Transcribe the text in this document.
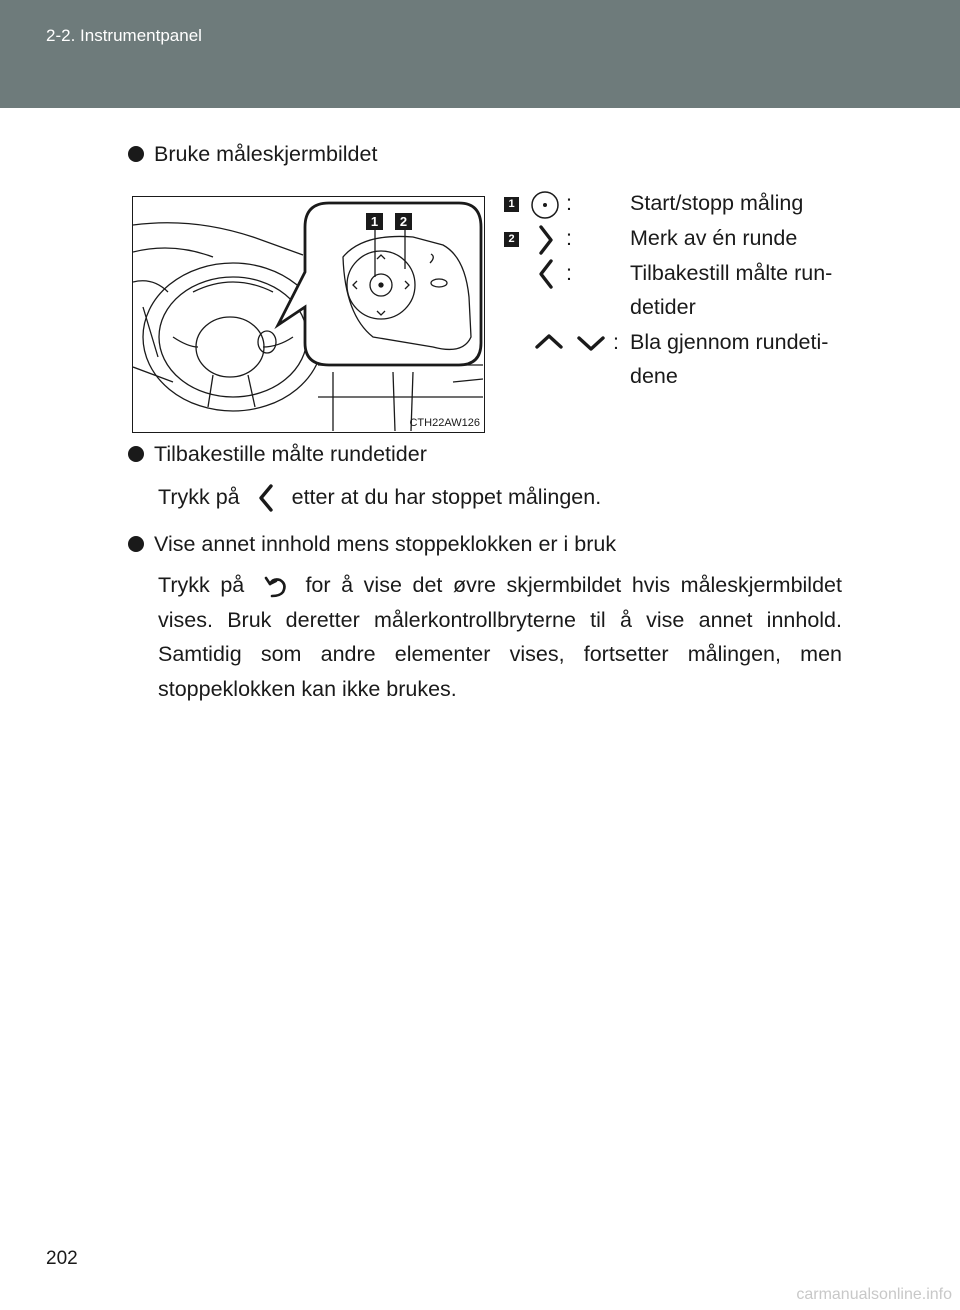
2-2. Instrumentpanel
Bruke måleskjermbildet
1 2
CTH22AW126
1 :	Start/stopp måling
2 :	Merk av én runde
:	Tilbakestill målte run-detider
: Bla gjennom rundeti-dene
Tilbakestille målte rundetider
Trykk på etter at du har stoppet målingen.
Vise annet innhold mens stoppeklokken er i bruk
Trykk på	for å vise det øvre skjermbildet hvis måleskjermbildet vises. Bruk deretter målerkontrollbryterne til å vise annet innhold. Samtidig som andre elementer vises, fortsetter målingen, men stoppeklokken kan ikke brukes.
202
carmanualsonline.info
